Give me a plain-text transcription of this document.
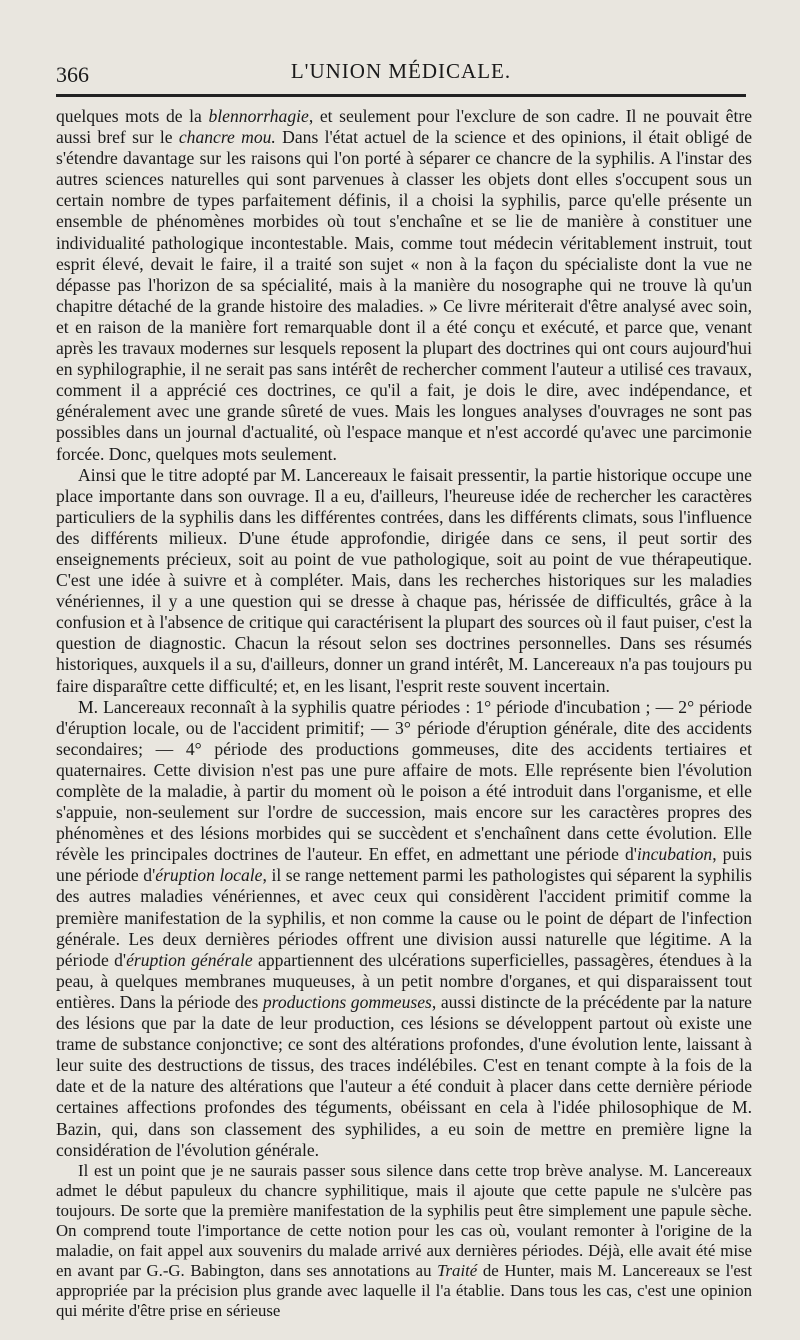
366	L'UNION MÉDICALE.

quelques mots de la blennorrhagie, et seulement pour l'exclure de son cadre. Il ne pouvait être aussi bref sur le chancre mou. Dans l'état actuel de la science et des opinions, il était obligé de s'étendre davantage sur les raisons qui l'on porté à séparer ce chancre de la syphilis. A l'instar des autres sciences naturelles qui sont parvenues à classer les objets dont elles s'occupent sous un certain nombre de types parfaitement définis, il a choisi la syphilis, parce qu'elle présente un ensemble de phénomènes morbides où tout s'enchaîne et se lie de manière à constituer une individualité pathologique incontestable. Mais, comme tout médecin véritablement instruit, tout esprit élevé, devait le faire, il a traité son sujet « non à la façon du spécialiste dont la vue ne dépasse pas l'horizon de sa spécialité, mais à la manière du nosographe qui ne trouve là qu'un chapitre détaché de la grande histoire des maladies. » Ce livre mériterait d'être analysé avec soin, et en raison de la manière fort remarquable dont il a été conçu et exécuté, et parce que, venant après les travaux modernes sur lesquels reposent la plupart des doctrines qui ont cours aujourd'hui en syphilographie, il ne serait pas sans intérêt de rechercher comment l'auteur a utilisé ces travaux, comment il a apprécié ces doctrines, ce qu'il a fait, je dois le dire, avec indépendance, et généralement avec une grande sûreté de vues. Mais les longues analyses d'ouvrages ne sont pas possibles dans un journal d'actualité, où l'espace manque et n'est accordé qu'avec une parcimonie forcée. Donc, quelques mots seulement.

Ainsi que le titre adopté par M. Lancereaux le faisait pressentir, la partie historique occupe une place importante dans son ouvrage. Il a eu, d'ailleurs, l'heureuse idée de rechercher les caractères particuliers de la syphilis dans les différentes contrées, dans les différents climats, sous l'influence des différents milieux. D'une étude approfondie, dirigée dans ce sens, il peut sortir des enseignements précieux, soit au point de vue pathologique, soit au point de vue thérapeutique. C'est une idée à suivre et à compléter. Mais, dans les recherches historiques sur les maladies vénériennes, il y a une question qui se dresse à chaque pas, hérissée de difficultés, grâce à la confusion et à l'absence de critique qui caractérisent la plupart des sources où il faut puiser, c'est la question de diagnostic. Chacun la résout selon ses doctrines personnelles. Dans ses résumés historiques, auxquels il a su, d'ailleurs, donner un grand intérêt, M. Lancereaux n'a pas toujours pu faire disparaître cette difficulté; et, en les lisant, l'esprit reste souvent incertain.

M. Lancereaux reconnaît à la syphilis quatre périodes : 1° période d'incubation ; — 2° période d'éruption locale, ou de l'accident primitif; — 3° période d'éruption générale, dite des accidents secondaires; — 4° période des productions gommeuses, dite des accidents tertiaires et quaternaires. Cette division n'est pas une pure affaire de mots. Elle représente bien l'évolution complète de la maladie, à partir du moment où le poison a été introduit dans l'organisme, et elle s'appuie, non-seulement sur l'ordre de succession, mais encore sur les caractères propres des phénomènes et des lésions morbides qui se succèdent et s'enchaînent dans cette évolution. Elle révèle les principales doctrines de l'auteur. En effet, en admettant une période d'incubation, puis une période d'éruption locale, il se range nettement parmi les pathologistes qui séparent la syphilis des autres maladies vénériennes, et avec ceux qui considèrent l'accident primitif comme la première manifestation de la syphilis, et non comme la cause ou le point de départ de l'infection générale. Les deux dernières périodes offrent une division aussi naturelle que légitime. A la période d'éruption générale appartiennent des ulcérations superficielles, passagères, étendues à la peau, à quelques membranes muqueuses, à un petit nombre d'organes, et qui disparaissent tout entières. Dans la période des productions gommeuses, aussi distincte de la précédente par la nature des lésions que par la date de leur production, ces lésions se développent partout où existe une trame de substance conjonctive; ce sont des altérations profondes, d'une évolution lente, laissant à leur suite des destructions de tissus, des traces indélébiles. C'est en tenant compte à la fois de la date et de la nature des altérations que l'auteur a été conduit à placer dans cette dernière période certaines affections profondes des téguments, obéissant en cela à l'idée philosophique de M. Bazin, qui, dans son classement des syphilides, a eu soin de mettre en première ligne la considération de l'évolution générale.

Il est un point que je ne saurais passer sous silence dans cette trop brève analyse. M. Lancereaux admet le début papuleux du chancre syphilitique, mais il ajoute que cette papule ne s'ulcère pas toujours. De sorte que la première manifestation de la syphilis peut être simplement une papule sèche. On comprend toute l'importance de cette notion pour les cas où, voulant remonter à l'origine de la maladie, on fait appel aux souvenirs du malade arrivé aux dernières périodes. Déjà, elle avait été mise en avant par G.-G. Babington, dans ses annotations au Traité de Hunter, mais M. Lancereaux se l'est appropriée par la précision plus grande avec laquelle il l'a établie. Dans tous les cas, c'est une opinion qui mérite d'être prise en sérieuse
